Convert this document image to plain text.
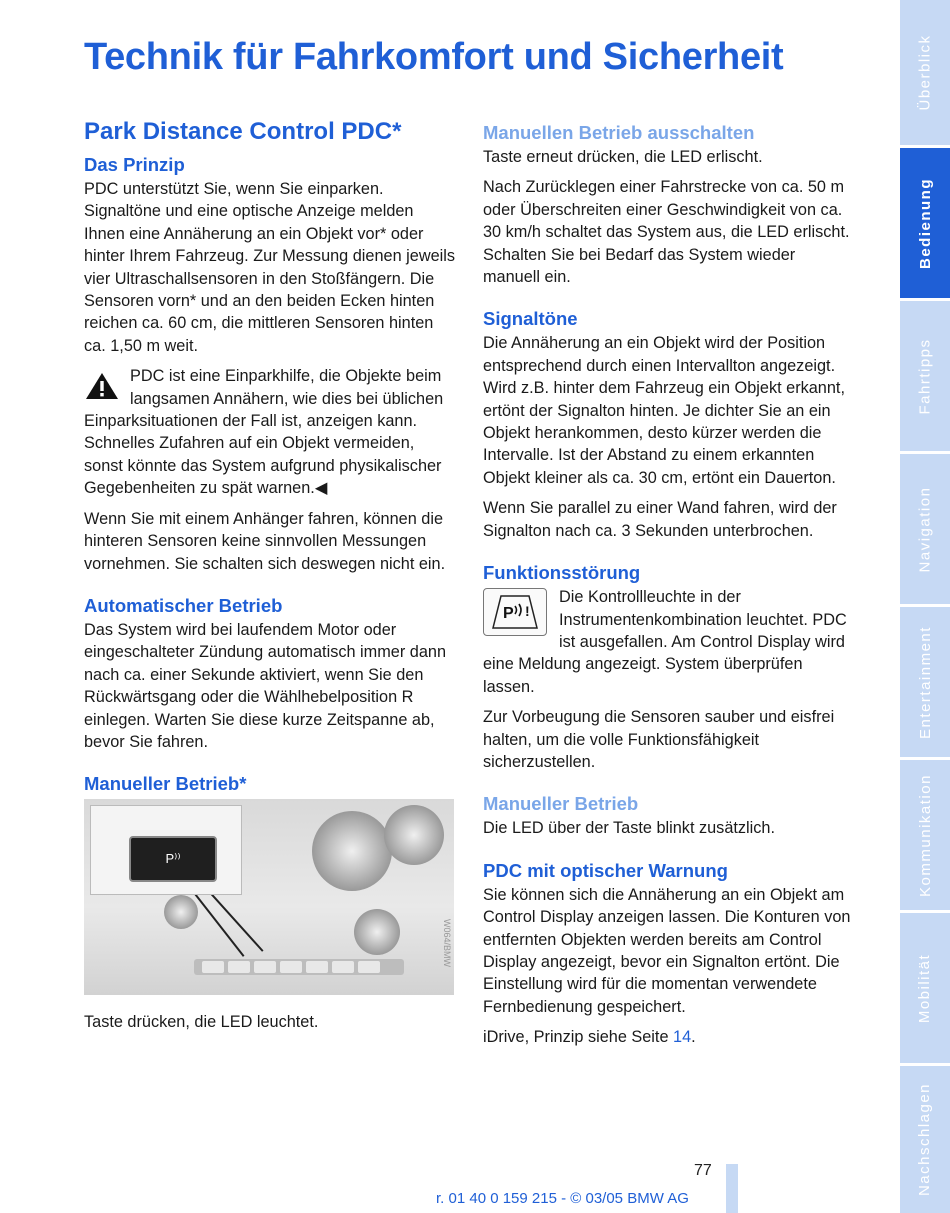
Technik für Fahrkomfort und Sicherheit
Park Distance Control PDC*
Das Prinzip

PDC unterstützt Sie, wenn Sie einparken. Signaltöne und eine optische Anzeige melden Ihnen eine Annäherung an ein Objekt vor* oder hinter Ihrem Fahrzeug. Zur Messung dienen jeweils vier Ultraschallsensoren in den Stoßfängern. Die Sensoren vorn* und an den beiden Ecken hinten reichen ca. 60 cm, die mittleren Sensoren hinten ca. 1,50 m weit.

PDC ist eine Einparkhilfe, die Objekte beim langsamen Annähern, wie dies bei üblichen Einparksituationen der Fall ist, anzeigen kann. Schnelles Zufahren auf ein Objekt vermeiden, sonst könnte das System aufgrund physikalischer Gegebenheiten zu spät warnen.◀

Wenn Sie mit einem Anhänger fahren, können die hinteren Sensoren keine sinnvollen Messungen vornehmen. Sie schalten sich deswegen nicht ein.

Automatischer Betrieb

Das System wird bei laufendem Motor oder eingeschalteter Zündung automatisch immer dann nach ca. einer Sekunde aktiviert, wenn Sie den Rückwärtsgang oder die Wählhebelposition R einlegen. Warten Sie diese kurze Zeitspanne ab, bevor Sie fahren.

Manueller Betrieb*
P⁾⁾
W064/BMW

Taste drücken, die LED leuchtet.

Manuellen Betrieb ausschalten

Taste erneut drücken, die LED erlischt.

Nach Zurücklegen einer Fahrstrecke von ca. 50 m oder Überschreiten einer Geschwindigkeit von ca. 30 km/h schaltet das System aus, die LED erlischt. Schalten Sie bei Bedarf das System wieder manuell ein.

Signaltöne

Die Annäherung an ein Objekt wird der Position entsprechend durch einen Intervallton angezeigt. Wird z.B. hinter dem Fahrzeug ein Objekt erkannt, ertönt der Signalton hinten. Je dichter Sie an ein Objekt herankommen, desto kürzer werden die Intervalle. Ist der Abstand zu einem erkannten Objekt kleiner als ca. 30 cm, ertönt ein Dauerton.

Wenn Sie parallel zu einer Wand fahren, wird der Signalton nach ca. 3 Sekunden unterbrochen.

Funktionsstörung

P !
Die Kontrollleuchte in der Instrumentenkombination leuchtet. PDC ist ausgefallen. Am Control Display wird eine Meldung angezeigt. System überprüfen lassen.

Zur Vorbeugung die Sensoren sauber und eisfrei halten, um die volle Funktionsfähigkeit sicherzustellen.

Manueller Betrieb

Die LED über der Taste blinkt zusätzlich.

PDC mit optischer Warnung

Sie können sich die Annäherung an ein Objekt am Control Display anzeigen lassen. Die Konturen von entfernten Objekten werden bereits am Control Display angezeigt, bevor ein Signalton ertönt. Die Einstellung wird für die momentan verwendete Fernbedienung gespeichert.

iDrive, Prinzip siehe Seite 14.

Überblick
Bedienung
Fahrtipps
Navigation
Entertainment
Kommunikation
Mobilität
Nachschlagen
77
r. 01 40 0 159 215 - © 03/05 BMW AG
